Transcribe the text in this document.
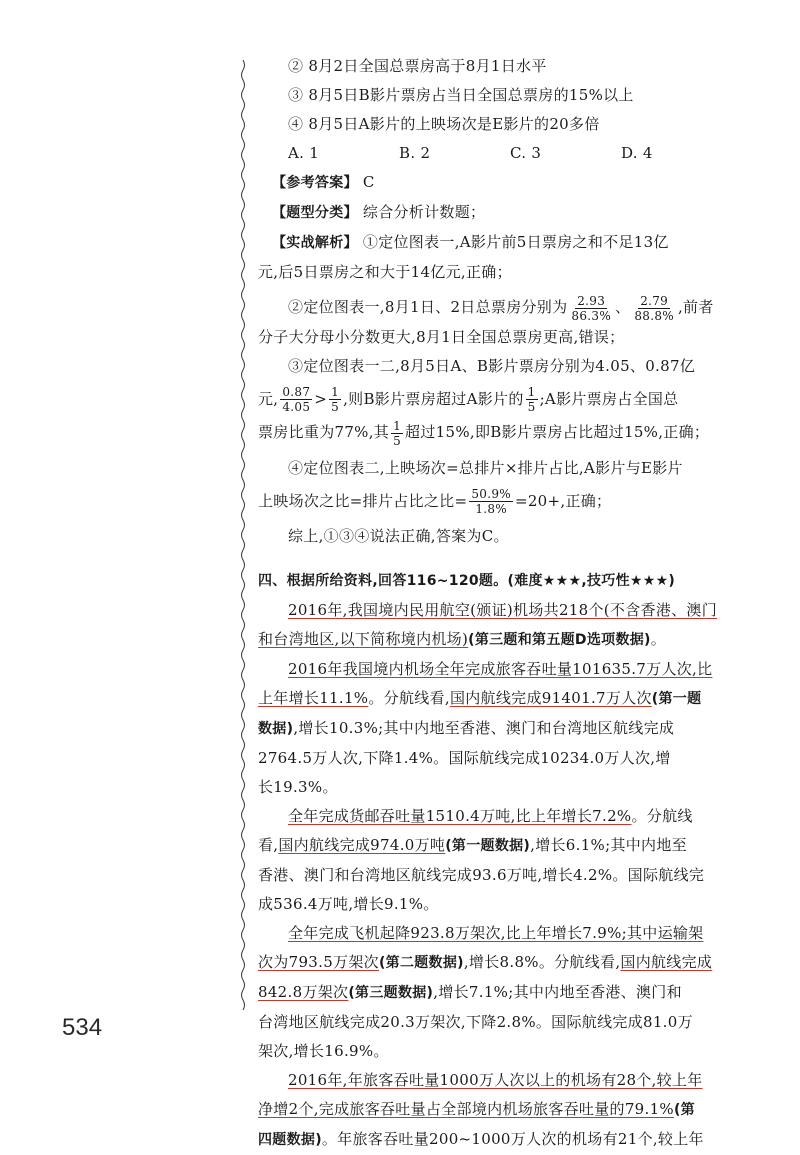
② 8月2日全国总票房高于8月1日水平
③ 8月5日B影片票房占当日全国总票房的15%以上
④ 8月5日A影片的上映场次是E影片的20多倍
A. 1	B. 2	C. 3	D. 4
【参考答案】 C
【题型分类】 综合分析计数题；
【实战解析】 ①定位图表一,A影片前5日票房之和不足13亿
元,后5日票房之和大于14亿元,正确；
②定位图表一,8月1日、2日总票房分别为 $\frac{2.93}{86.3\%}$ 、 $\frac{2.79}{88.8\%}$ ,前者
分子大分母小分数更大,8月1日全国总票房更高,错误；
③定位图表一二,8月5日A、B影片票房分别为4.05、0.87亿
元, $\frac{0.87}{4.05} > \frac{1}{5}$ ,则B影片票房超过A影片的 $\frac{1}{5}$ ;A影片票房占全国总
票房比重为77%,其 $\frac{1}{5}$ 超过15%,即B影片票房占比超过15%,正确；
④定位图表二,上映场次=总排片×排片占比,A影片与E影片
上映场次之比=排片占比之比= $\frac{50.9\%}{1.8\%} =20+$,正确；
综上,①③④说法正确,答案为C。
四、根据所给资料,回答116~120题。(难度★★★,技巧性★★★)
2016年,我国境内民用航空(颁证)机场共218个(不含香港、澳门
和台湾地区,以下简称境内机场)(第三题和第五题D选项数据)。
2016年我国境内机场全年完成旅客吞吐量101635.7万人次,比
上年增长11.1%。分航线看,国内航线完成91401.7万人次(第一题
数据),增长10.3%;其中内地至香港、澳门和台湾地区航线完成
2764.5万人次,下降1.4%。国际航线完成10234.0万人次,增
长19.3%。
全年完成货邮吞吐量1510.4万吨,比上年增长7.2%。分航线
看,国内航线完成974.0万吨(第一题数据),增长6.1%;其中内地至
香港、澳门和台湾地区航线完成93.6万吨,增长4.2%。国际航线完
成536.4万吨,增长9.1%。
全年完成飞机起降923.8万架次,比上年增长7.9%;其中运输架
次为793.5万架次(第二题数据),增长8.8%。分航线看,国内航线完成
842.8万架次(第三题数据),增长7.1%;其中内地至香港、澳门和
台湾地区航线完成20.3万架次,下降2.8%。国际航线完成81.0万
架次,增长16.9%。
2016年,年旅客吞吐量1000万人次以上的机场有28个,较上年
净增2个,完成旅客吞吐量占全部境内机场旅客吞吐量的79.1%(第
四题数据)。年旅客吞吐量200~1000万人次的机场有21个,较上年
534
